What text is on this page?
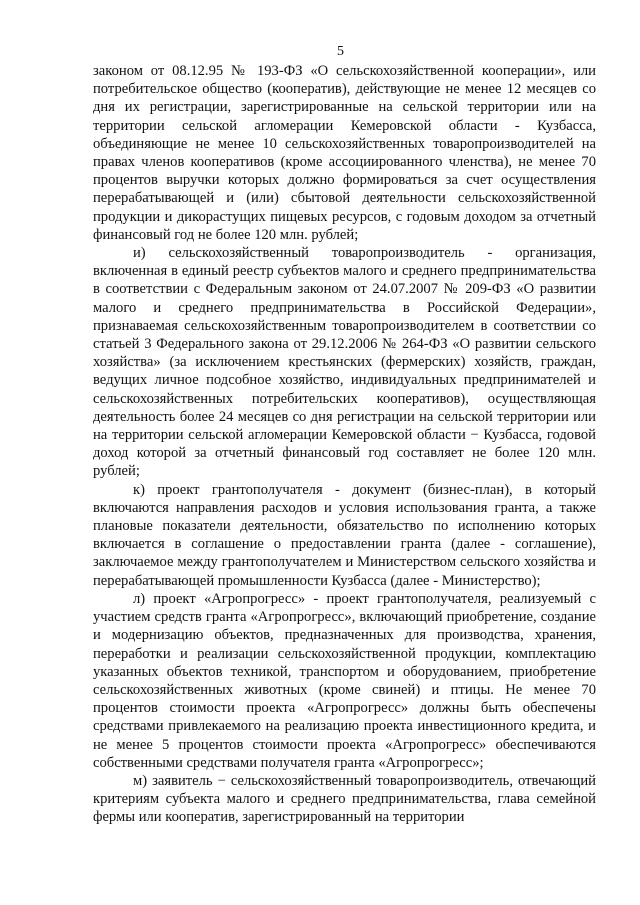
5

законом от 08.12.95 № 193-ФЗ «О сельскохозяйственной кооперации», или потребительское общество (кооператив), действующие не менее 12 месяцев со дня их регистрации, зарегистрированные на сельской территории или на территории сельской агломерации Кемеровской области - Кузбасса, объединяющие не менее 10 сельскохозяйственных товаропроизводителей на правах членов кооперативов (кроме ассоциированного членства), не менее 70 процентов выручки которых должно формироваться за счет осуществления перерабатывающей и (или) сбытовой деятельности сельскохозяйственной продукции и дикорастущих пищевых ресурсов, с годовым доходом за отчетный финансовый год не более 120 млн. рублей;

и) сельскохозяйственный товаропроизводитель - организация, включенная в единый реестр субъектов малого и среднего предпринимательства в соответствии с Федеральным законом от 24.07.2007 № 209-ФЗ «О развитии малого и среднего предпринимательства в Российской Федерации», признаваемая сельскохозяйственным товаропроизводителем в соответствии со статьей 3 Федерального закона от 29.12.2006 № 264-ФЗ «О развитии сельского хозяйства» (за исключением крестьянских (фермерских) хозяйств, граждан, ведущих личное подсобное хозяйство, индивидуальных предпринимателей и сельскохозяйственных потребительских кооперативов), осуществляющая деятельность более 24 месяцев со дня регистрации на сельской территории или на территории сельской агломерации Кемеровской области − Кузбасса, годовой доход которой за отчетный финансовый год составляет не более 120 млн. рублей;

к) проект грантополучателя - документ (бизнес-план), в который включаются направления расходов и условия использования гранта, а также плановые показатели деятельности, обязательство по исполнению которых включается в соглашение о предоставлении гранта (далее - соглашение), заключаемое между грантополучателем и Министерством сельского хозяйства и перерабатывающей промышленности Кузбасса (далее - Министерство);

л) проект «Агропрогресс» - проект грантополучателя, реализуемый с участием средств гранта «Агропрогресс», включающий приобретение, создание и модернизацию объектов, предназначенных для производства, хранения, переработки и реализации сельскохозяйственной продукции, комплектацию указанных объектов техникой, транспортом и оборудованием, приобретение сельскохозяйственных животных (кроме свиней) и птицы. Не менее 70 процентов стоимости проекта «Агропрогресс» должны быть обеспечены средствами привлекаемого на реализацию проекта инвестиционного кредита, и не менее 5 процентов стоимости проекта «Агропрогресс» обеспечиваются собственными средствами получателя гранта «Агропрогресс»;

м) заявитель − сельскохозяйственный товаропроизводитель, отвечающий критериям субъекта малого и среднего предпринимательства, глава семейной фермы или кооператив, зарегистрированный на территории
